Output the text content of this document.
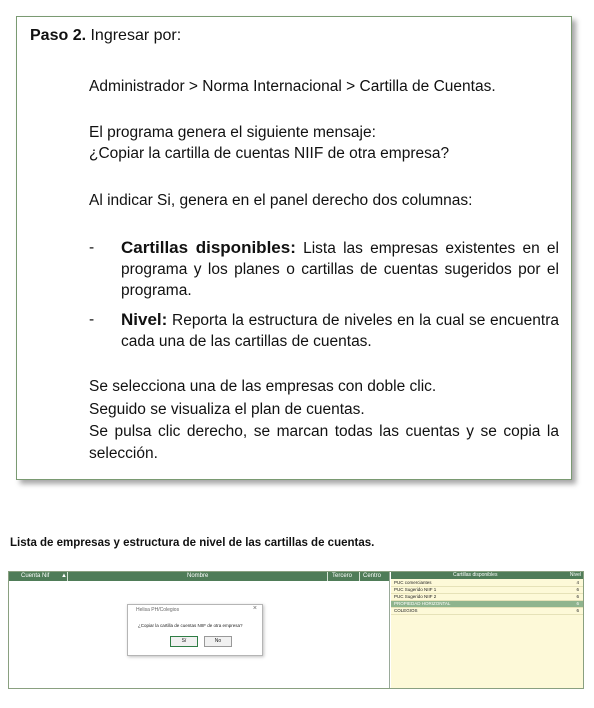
Paso 2. Ingresar por:
Administrador > Norma Internacional > Cartilla de Cuentas.
El programa genera el siguiente mensaje:
¿Copiar la cartilla de cuentas NIIF de otra empresa?
Al indicar Si, genera en el panel derecho dos columnas:
- Cartillas disponibles: Lista las empresas existentes en el programa y los planes o cartillas de cuentas sugeridos por el programa.
- Nivel: Reporta la estructura de niveles en la cual se encuentra cada una de las cartillas de cuentas.
Se selecciona una de las empresas con doble clic.
Seguido se visualiza el plan de cuentas.
Se pulsa clic derecho, se marcan todas las cuentas y se copia la selección.
Lista de empresas y estructura de nivel de las cartillas de cuentas.
Cuenta Nif ▲	Nombre	Tercero Centro
Helisa PH/Colegios	×
¿Copiar la cartilla de cuentas NIIF de otra empresa?
Sí	No
Cartillas disponibles	Nivel
PUC comerciantes	4
PUC Sugerido NIIF 1	6
PUC Sugerido NIIF 2	6
PROPIEDAD HORIZONTAL	6
COLEGIOS	6
